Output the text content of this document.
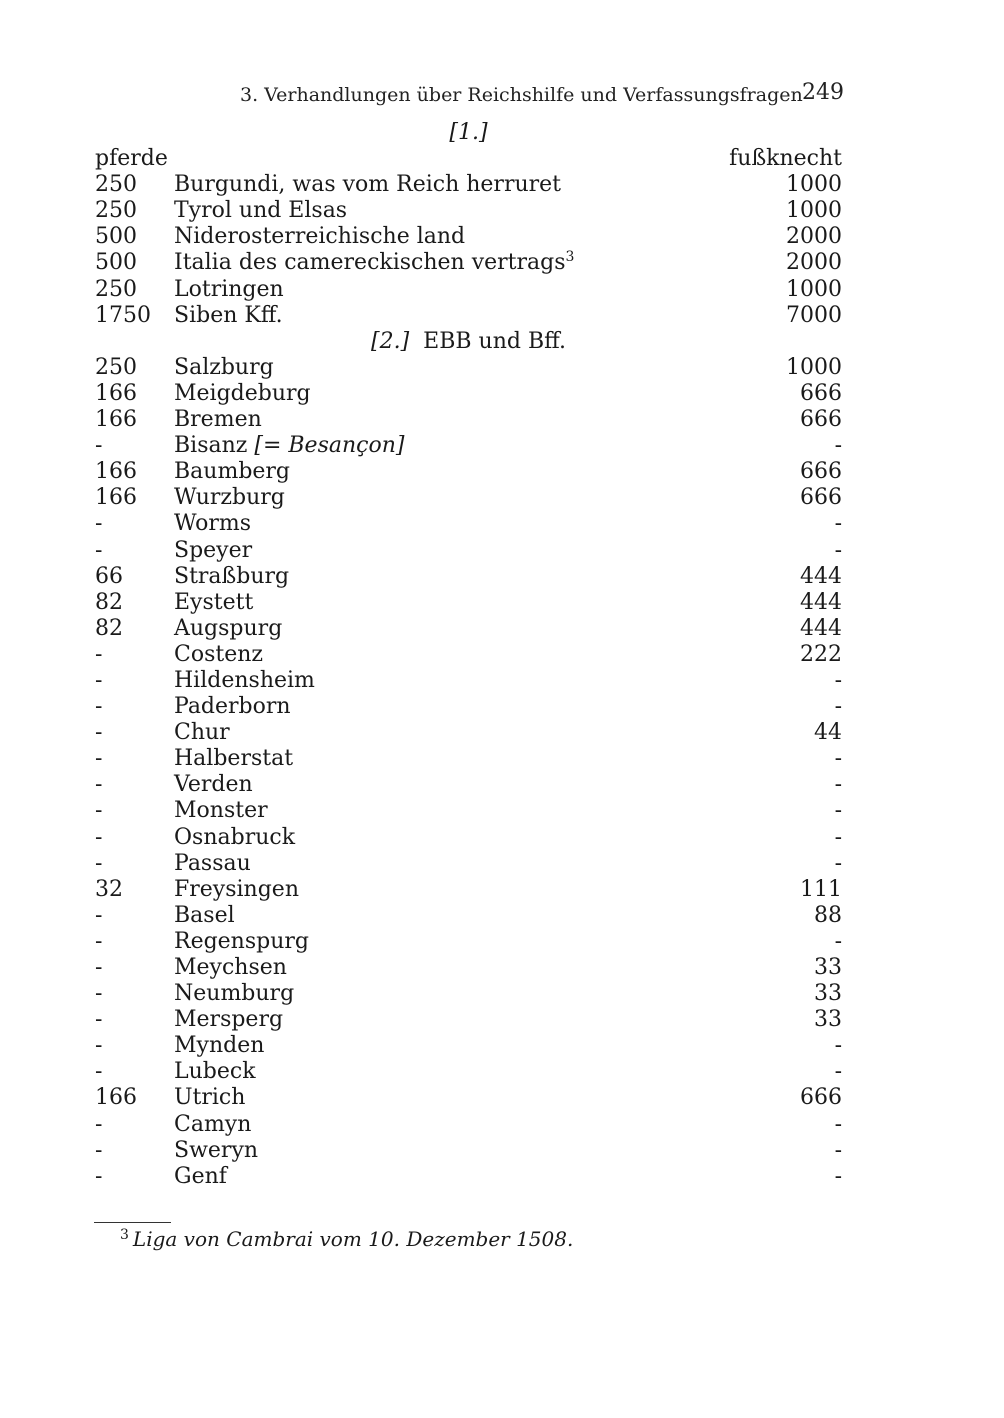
3. Verhandlungen über Reichshilfe und Verfassungsfragen 249
[1.]
pferde	fußknecht
250	Burgundi, was vom Reich herruret	1000
250	Tyrol und Elsas	1000
500	Niderosterreichische land	2000
500	Italia des camereckischen vertrags$^3$	2000
250	Lotringen	1000
1750	Siben Kff.	7000
[2.] EBB und Bff.
250	Salzburg	1000
166	Meigdeburg	666
166	Bremen	666
-	Bisanz [= Besançon]	-
166	Baumberg	666
166	Wurzburg	666
-	Worms	-
-	Speyer	-
66	Straßburg	444
82	Eystett	444
82	Augspurg	444
-	Costenz	222
-	Hildensheim	-
-	Paderborn	-
-	Chur	44
-	Halberstat	-
-	Verden	-
-	Monster	-
-	Osnabruck	-
-	Passau	-
32	Freysingen	111
-	Basel	88
-	Regenspurg	-
-	Meychsen	33
-	Neumburg	33
-	Mersperg	33
-	Mynden	-
-	Lubeck	-
166	Utrich	666
-	Camyn	-
-	Sweryn	-
-	Genf	-
$^3$ Liga von Cambrai vom 10. Dezember 1508.
